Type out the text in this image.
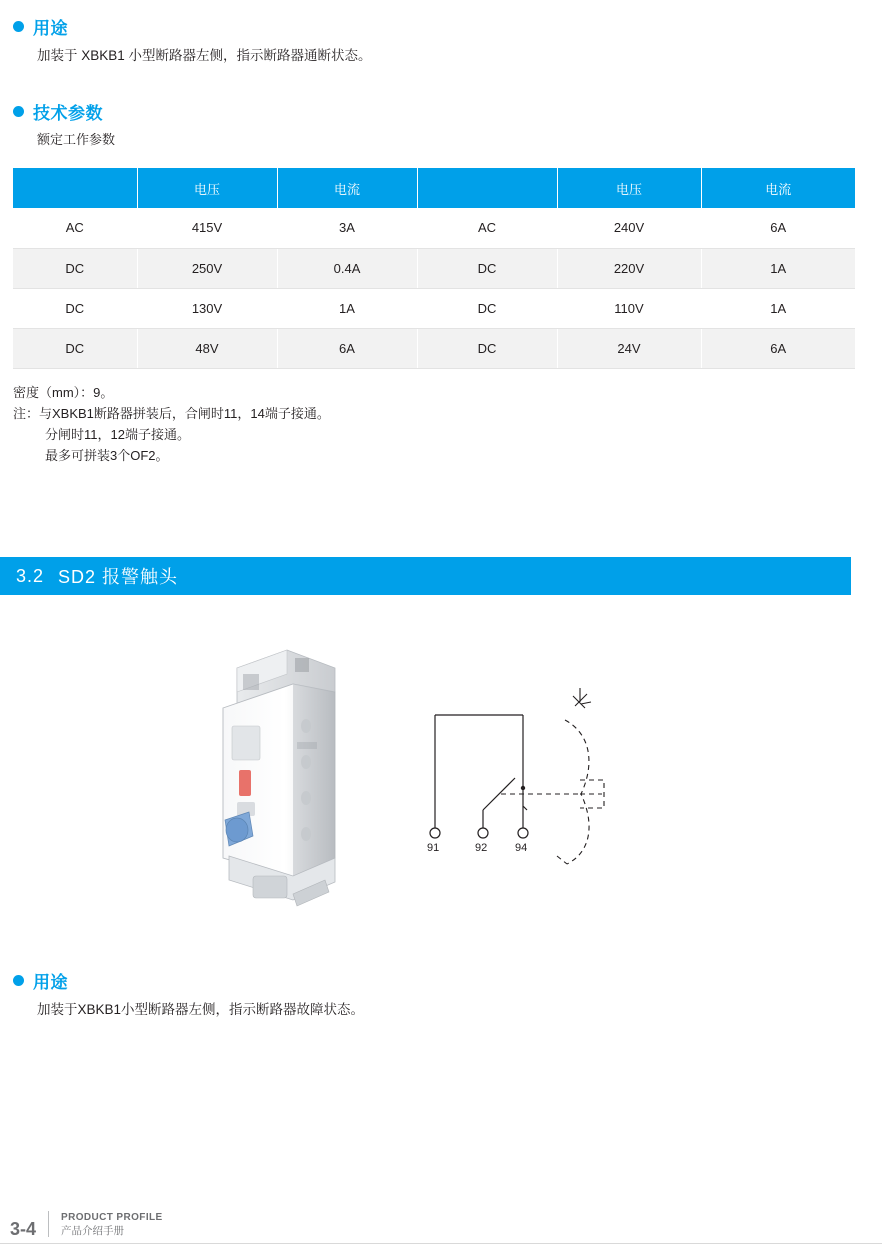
用途
加装于 XBKB1 小型断路器左侧，指示断路器通断状态。
技术参数
额定工作参数
	电压	电流		电压	电流
AC	415V	3A	AC	240V	6A
DC	250V	0.4A	DC	220V	1A
DC	130V	1A	DC	110V	1A
DC	48V	6A	DC	24V	6A
密度（mm）：9。
注：与XBKB1断路器拼装后，合闸时11，14端子接通。
分闸时11，12端子接通。
最多可拼装3个OF2。
3.2 SD2 报警触头
91	92	94
用途
加装于XBKB1小型断路器左侧，指示断路器故障状态。
3-4
PRODUCT PROFILE
产品介绍手册
